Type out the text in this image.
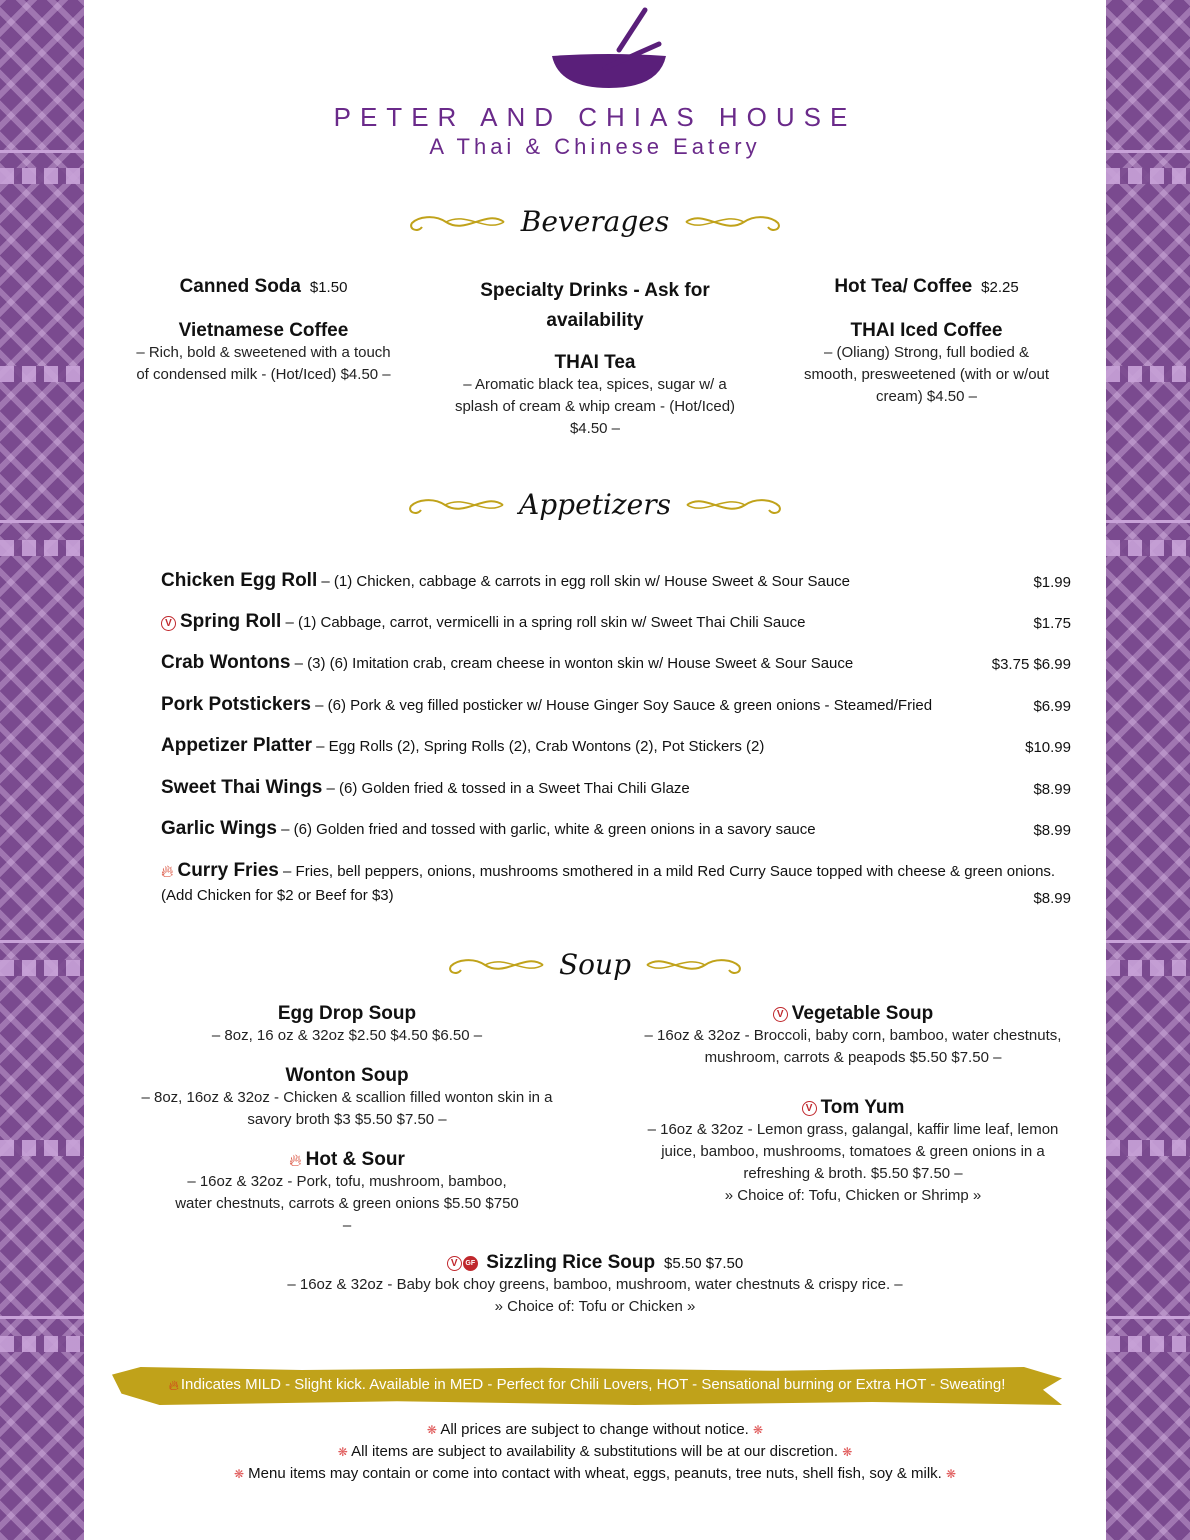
PETER AND CHIAS HOUSE
A Thai & Chinese Eatery
Beverages
Canned Soda $1.50
Vietnamese Coffee
– Rich, bold & sweetened with a touch of condensed milk - (Hot/Iced) $4.50 –
Specialty Drinks - Ask for availability
THAI Tea
– Aromatic black tea, spices, sugar w/ a splash of cream & whip cream - (Hot/Iced) $4.50 –
Hot Tea/ Coffee $2.25
THAI Iced Coffee
– (Oliang) Strong, full bodied & smooth, presweetened (with or w/out cream) $4.50 –
Appetizers
Chicken Egg Roll – (1) Chicken, cabbage & carrots in egg roll skin w/ House Sweet & Sour Sauce	$1.99
V Spring Roll – (1) Cabbage, carrot, vermicelli in a spring roll skin w/ Sweet Thai Chili Sauce	$1.75
Crab Wontons – (3) (6) Imitation crab, cream cheese in wonton skin w/ House Sweet & Sour Sauce	$3.75 $6.99
Pork Potstickers – (6) Pork & veg filled posticker w/ House Ginger Soy Sauce & green onions - Steamed/Fried	$6.99
Appetizer Platter – Egg Rolls (2), Spring Rolls (2), Crab Wontons (2), Pot Stickers (2)	$10.99
Sweet Thai Wings – (6) Golden fried & tossed in a Sweet Thai Chili Glaze	$8.99
Garlic Wings – (6) Golden fried and tossed with garlic, white & green onions in a savory sauce	$8.99
🔥︎ Curry Fries – Fries, bell peppers, onions, mushrooms smothered in a mild Red Curry Sauce topped with cheese & green onions. (Add Chicken for $2 or Beef for $3)	$8.99
Soup
Egg Drop Soup
– 8oz, 16 oz & 32oz $2.50 $4.50 $6.50 –
Wonton Soup
– 8oz, 16oz & 32oz - Chicken & scallion filled wonton skin in a savory broth $3 $5.50 $7.50 –
🔥︎ Hot & Sour
– 16oz & 32oz - Pork, tofu, mushroom, bamboo, water chestnuts, carrots & green onions $5.50 $750 –
V Vegetable Soup
– 16oz & 32oz - Broccoli, baby corn, bamboo, water chestnuts, mushroom, carrots & peapods $5.50 $7.50 –
V Tom Yum
– 16oz & 32oz - Lemon grass, galangal, kaffir lime leaf, lemon juice, bamboo, mushrooms, tomatoes & green onions in a refreshing & broth. $5.50 $7.50 –
» Choice of: Tofu, Chicken or Shrimp »
V GF Sizzling Rice Soup $5.50 $7.50
– 16oz & 32oz - Baby bok choy greens, bamboo, mushroom, water chestnuts & crispy rice. –
» Choice of: Tofu or Chicken »
🔥︎ Indicates MILD - Slight kick. Available in MED - Perfect for Chili Lovers, HOT - Sensational burning or Extra HOT - Sweating!
❋ All prices are subject to change without notice. ❋
❋ All items are subject to availability & substitutions will be at our discretion. ❋
❋ Menu items may contain or come into contact with wheat, eggs, peanuts, tree nuts, shell fish, soy & milk. ❋
